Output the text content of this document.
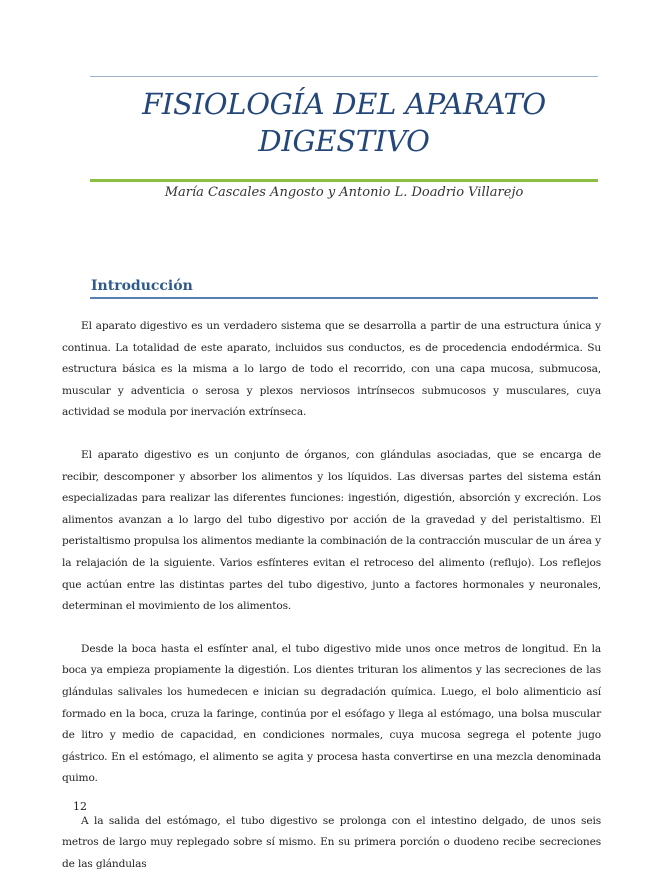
FISIOLOGÍA DEL APARATO
DIGESTIVO
María Cascales Angosto y Antonio L. Doadrio Villarejo
Introducción

El aparato digestivo es un verdadero sistema que se desarrolla a partir de una estructura única y continua. La totalidad de este aparato, incluidos sus conductos, es de procedencia endodérmica. Su estructura básica es la misma a lo largo de todo el recorrido, con una capa mucosa, submucosa, muscular y adventicia o serosa y plexos nerviosos intrínsecos submucosos y musculares, cuya actividad se modula por inervación extrínseca.

El aparato digestivo es un conjunto de órganos, con glándulas asociadas, que se encarga de recibir, descomponer y absorber los alimentos y los líquidos. Las diversas partes del sistema están especializadas para realizar las diferentes funciones: ingestión, digestión, absorción y excreción. Los alimentos avanzan a lo largo del tubo digestivo por acción de la gravedad y del peristaltismo. El peristaltismo propulsa los alimentos mediante la combinación de la contracción muscular de un área y la relajación de la siguiente. Varios esfínteres evitan el retroceso del alimento (reflujo). Los reflejos que actúan entre las distintas partes del tubo digestivo, junto a factores hormonales y neuronales, determinan el movimiento de los alimentos.

Desde la boca hasta el esfínter anal, el tubo digestivo mide unos once metros de longitud. En la boca ya empieza propiamente la digestión. Los dientes trituran los alimentos y las secreciones de las glándulas salivales los humedecen e inician su degradación química. Luego, el bolo alimenticio así formado en la boca, cruza la faringe, continúa por el esófago y llega al estómago, una bolsa muscular de litro y medio de capacidad, en condiciones normales, cuya mucosa segrega el potente jugo gástrico. En el estómago, el alimento se agita y procesa hasta convertirse en una mezcla denominada quimo.

A la salida del estómago, el tubo digestivo se prolonga con el intestino delgado, de unos seis metros de largo muy replegado sobre sí mismo. En su primera porción o duodeno recibe secreciones de las glándulas

12
